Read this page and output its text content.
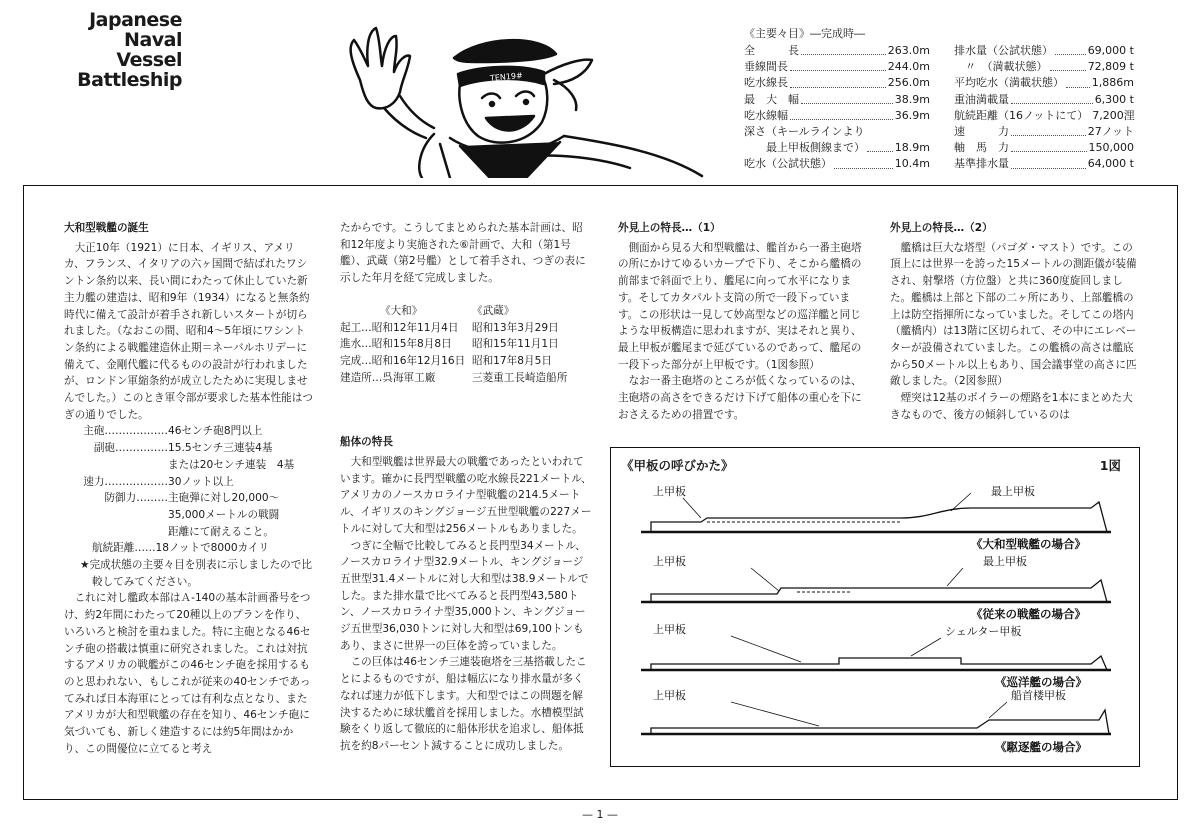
Japanese
Naval
Vessel
Battleship	TEN19#
《主要々目》―完成時―
全　　　長	263.0m
垂線間長	244.0m
吃水線長	256.0m
最　大　幅	38.9m
吃水線幅	36.9m
深さ（キールラインより
　　最上甲板側線まで）	18.9m
吃水（公試状態）	10.4m
排水量（公試状態）	69,000 t
　〃　（満載状態）	72,809 t
平均吃水（満載状態）	1,886m
重油満載量	6,300 t
航続距離（16ノットにて） 7,200浬
速　　　力	27ノット
軸　馬　力	150,000
基準排水量	64,000 t

大和型戦艦の誕生

大正10年（1921）に日本、イギリス、アメリカ、フランス、イタリアの六ヶ国間で結ばれたワシントン条約以来、長い間にわたって休止していた新主力艦の建造は、昭和9年（1934）になると無条約時代に備えて設計が着手され新しいスタートが切られました。（なおこの間、昭和4〜5年頃にワシントン条約による戦艦建造休止期＝ネーバルホリデーに備えて、金剛代艦に代るものの設計が行われましたが、ロンドン軍縮条約が成立したために実現しませんでした。）このとき軍令部が要求した基本性能はつぎの通りでした。

主砲……………… 46センチ砲8門以上
副砲…………… 15.5センチ三連装4基
または20センチ連装　4基
速力……………… 30ノット以上
防御力……… 主砲弾に対し20,000〜
35,000メートルの戦闘
距離にて耐えること。

航続距離……18ノットで8000カイリ

★完成状態の主要々目を別表に示しましたので比較してみてください。

これに対し艦政本部はＡ-140の基本計画番号をつけ、約2年間にわたって20種以上のプランを作り、いろいろと検討を重ねました。特に主砲となる46センチ砲の搭載は慎重に研究されました。これは対抗するアメリカの戦艦がこの46センチ砲を採用するものと思われない、もしこれが従来の40センチであってみれば日本海軍にとっては有利な点となり、またアメリカが大和型戦艦の存在を知り、46センチ砲に気づいても、新しく建造するには約5年間はかかり、この間優位に立てると考え

たからです。こうしてまとめられた基本計画は、昭和12年度より実施された⑥計画で、大和（第1号艦）、武蔵（第2号艦）として着手され、つぎの表に示した年月を経て完成しました。

《大和》	《武蔵》
起工…昭和12年11月4日	昭和13年3月29日
進水…昭和15年8月8日	昭和15年11月1日
完成…昭和16年12月16日 昭和17年8月5日
建造所…呉海軍工廠	三菱重工長崎造船所

船体の特長

大和型戦艦は世界最大の戦艦であったといわれています。確かに長門型戦艦の吃水線長221メートル、アメリカのノースカロライナ型戦艦の214.5メートル、イギリスのキングジョージ五世型戦艦の227メートルに対して大和型は256メートルもありました。

つぎに全幅で比較してみると長門型34メートル、ノースカロライナ型32.9メートル、キングジョージ五世型31.4メートルに対し大和型は38.9メートルでした。また排水量で比べてみると長門型43,580トン、ノースカロライナ型35,000トン、キングジョージ五世型36,030トンに対し大和型は69,100トンもあり、まさに世界一の巨体を誇っていました。

この巨体は46センチ三連装砲塔を三基搭載したことによるものですが、船は幅広になり排水量が多くなれば速力が低下します。大和型ではこの問題を解決するために球状艦首を採用しました。水槽模型試験をくり返して徹底的に船体形状を追求し、船体抵抗を約8パーセント減することに成功しました。

外見上の特長…（1）

側面から見る大和型戦艦は、艦首から一番主砲塔の所にかけてゆるいカーブで下り、そこから艦橋の前部まで斜面で上り、艦尾に向って水平になります。そしてカタパルト支筒の所で一段下っています。この形状は一見して妙高型などの巡洋艦と同じような甲板構造に思われますが、実はそれと異り、最上甲板が艦尾まで延びているのであって、艦尾の一段下った部分が上甲板です。（1図参照）

なお一番主砲塔のところが低くなっているのは、主砲塔の高さをできるだけ下げて船体の重心を下におさえるための措置です。

外見上の特長…（2）

艦橋は巨大な塔型（パゴダ・マスト）です。この頂上には世界一を誇った15メートルの測距儀が装備され、射撃塔（方位盤）と共に360度旋回しました。艦橋は上部と下部の二ヶ所にあり、上部艦橋の上は防空指揮所になっていました。そしてこの塔内（艦橋内）は13階に区切られて、その中にエレベーターが設備されていました。この艦橋の高さは艦底から50メートル以上もあり、国会議事堂の高さに匹敵しました。（2図参照）

煙突は12基のボイラーの煙路を1本にまとめた大きなもので、後方の傾斜しているのは

《甲板の呼びかた》	1図
上甲板	最上甲板
《大和型戦艦の場合》
上甲板	最上甲板
《従来の戦艦の場合》
上甲板	シェルター甲板
《巡洋艦の場合》
上甲板	船首楼甲板
《駆逐艦の場合》
— 1 —
